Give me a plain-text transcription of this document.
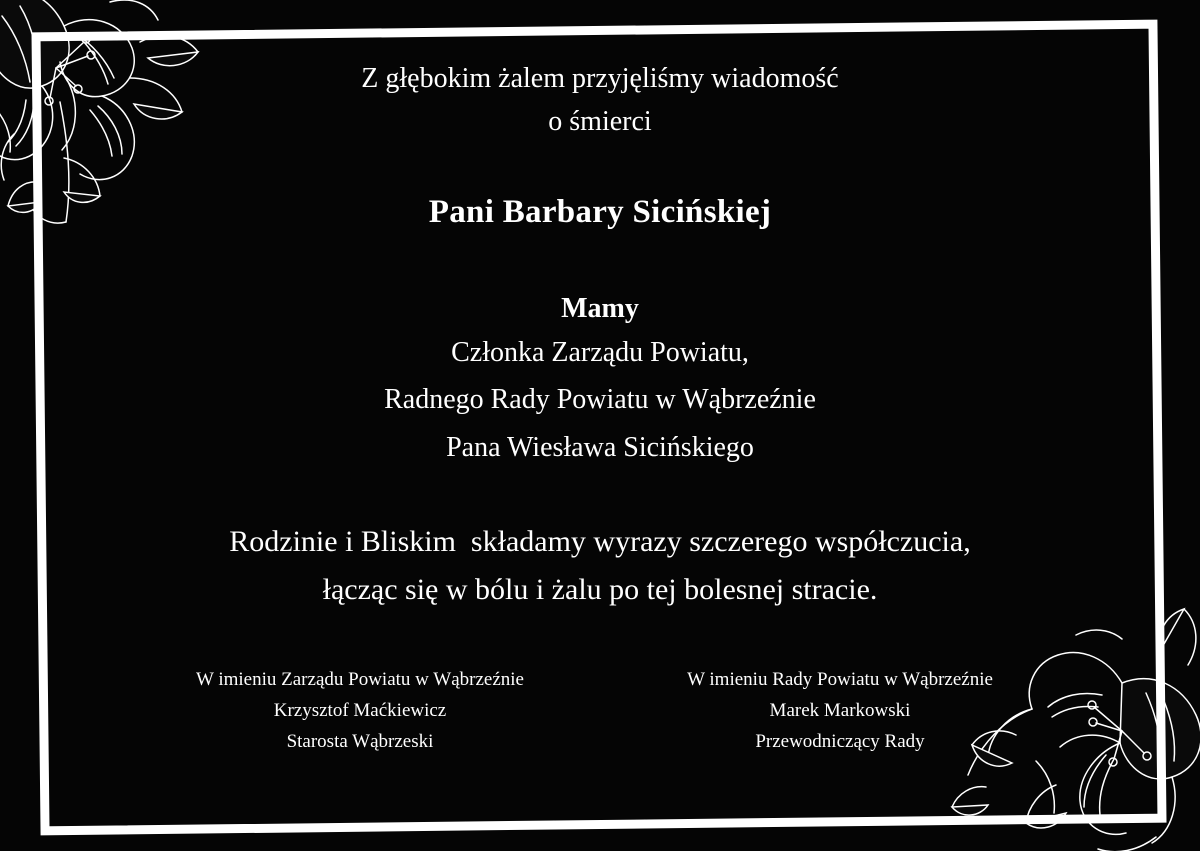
Z głębokim żalem przyjęliśmy wiadomość
o śmierci
Pani Barbary Sicińskiej
Mamy
Członka Zarządu Powiatu,
Radnego Rady Powiatu w Wąbrzeźnie
Pana Wiesława Sicińskiego
Rodzinie i Bliskim  składamy wyrazy szczerego współczucia,
łącząc się w bólu i żalu po tej bolesnej stracie.
W imieniu Zarządu Powiatu w Wąbrzeźnie
Krzysztof Maćkiewicz
Starosta Wąbrzeski
W imieniu Rady Powiatu w Wąbrzeźnie
Marek Markowski
Przewodniczący Rady
